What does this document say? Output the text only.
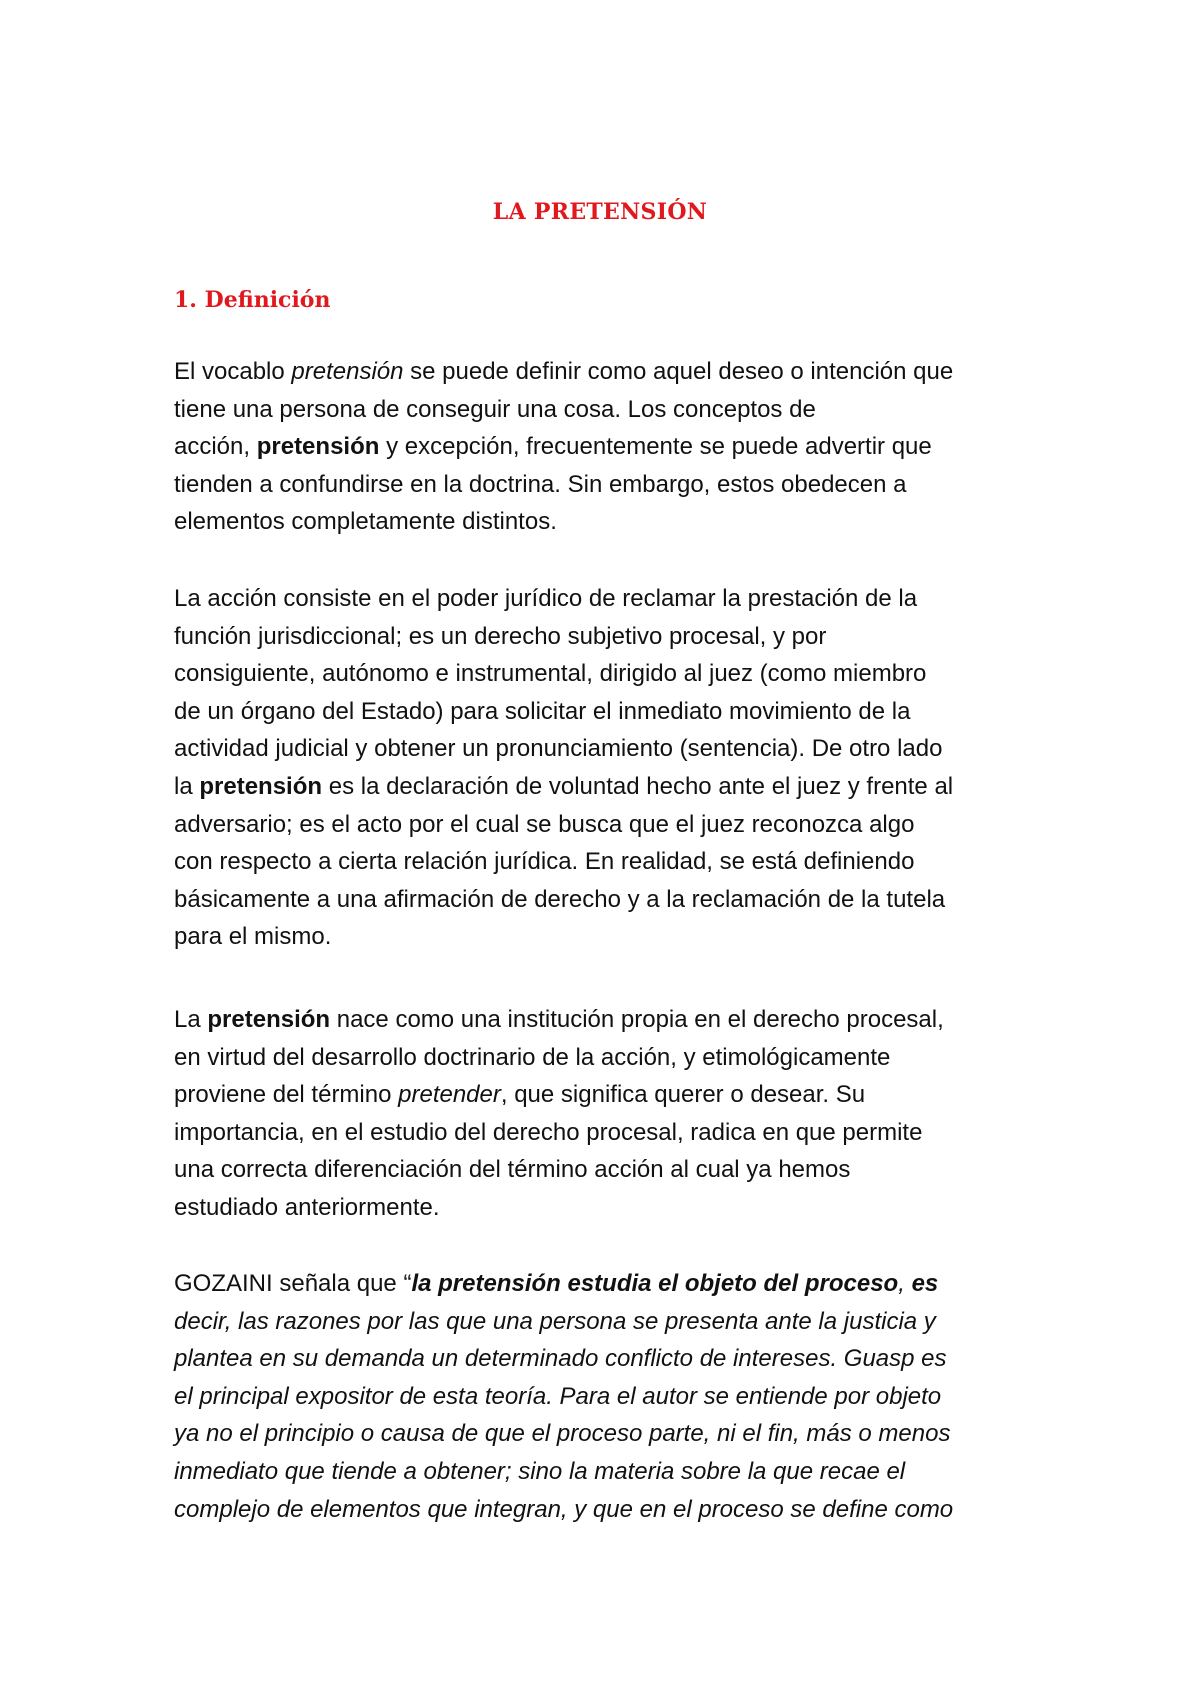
LA PRETENSIÓN
1. Definición
El vocablo pretensión se puede definir como aquel deseo o intención que
tiene una persona de conseguir una cosa. Los conceptos de
acción, pretensión y excepción, frecuentemente se puede advertir que
tienden a confundirse en la doctrina. Sin embargo, estos obedecen a
elementos completamente distintos.
La acción consiste en el poder jurídico de reclamar la prestación de la
función jurisdiccional; es un derecho subjetivo procesal, y por
consiguiente, autónomo e instrumental, dirigido al juez (como miembro
de un órgano del Estado) para solicitar el inmediato movimiento de la
actividad judicial y obtener un pronunciamiento (sentencia). De otro lado
la pretensión es la declaración de voluntad hecho ante el juez y frente al
adversario; es el acto por el cual se busca que el juez reconozca algo
con respecto a cierta relación jurídica. En realidad, se está definiendo
básicamente a una afirmación de derecho y a la reclamación de la tutela
para el mismo.
La pretensión nace como una institución propia en el derecho procesal,
en virtud del desarrollo doctrinario de la acción, y etimológicamente
proviene del término pretender, que significa querer o desear. Su
importancia, en el estudio del derecho procesal, radica en que permite
una correcta diferenciación del término acción al cual ya hemos
estudiado anteriormente.
GOZAINI señala que “la pretensión estudia el objeto del proceso, es
decir, las razones por las que una persona se presenta ante la justicia y
plantea en su demanda un determinado conflicto de intereses. Guasp es
el principal expositor de esta teoría. Para el autor se entiende por objeto
ya no el principio o causa de que el proceso parte, ni el fin, más o menos
inmediato que tiende a obtener; sino la materia sobre la que recae el
complejo de elementos que integran, y que en el proceso se define como
